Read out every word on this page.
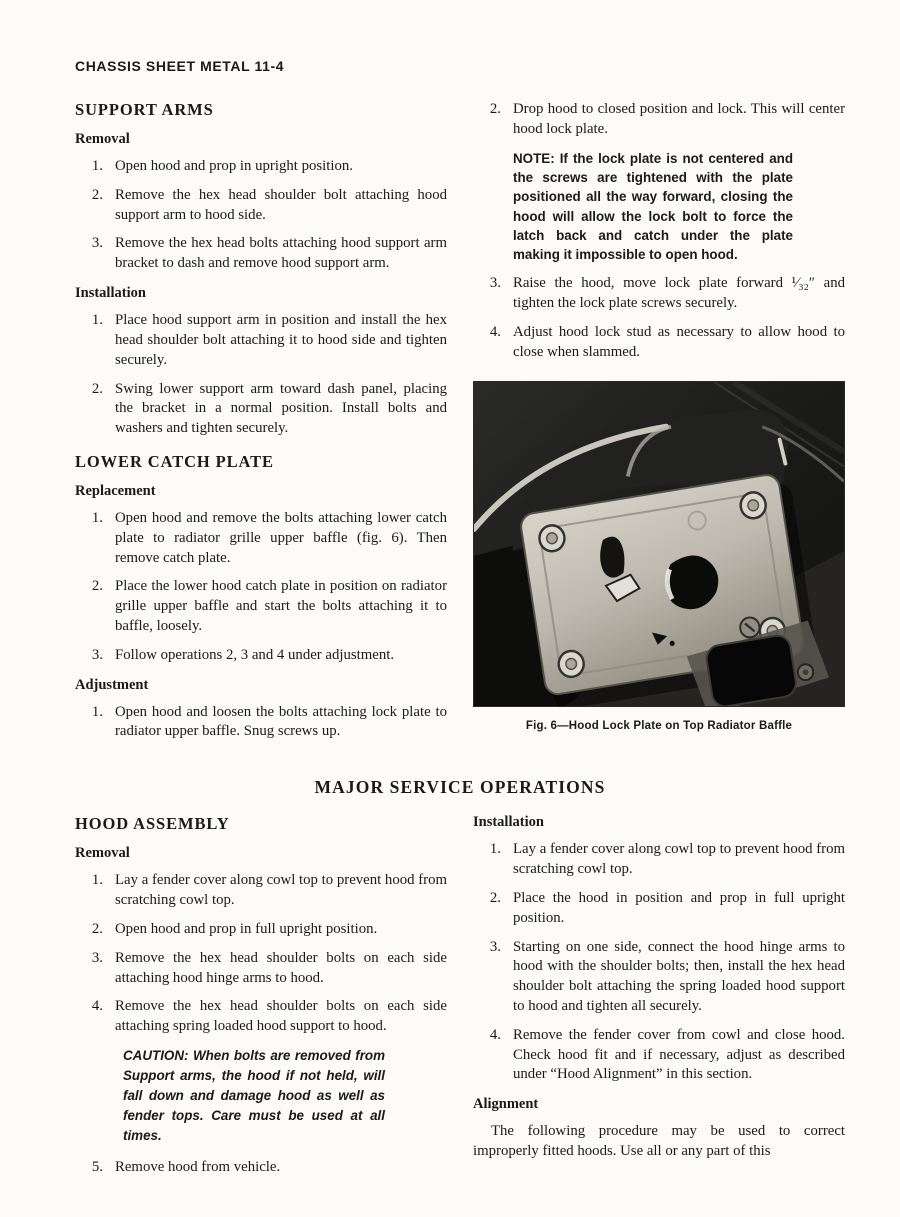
CHASSIS SHEET METAL 11-4
SUPPORT ARMS
Removal
1. Open hood and prop in upright position.
2. Remove the hex head shoulder bolt attaching hood support arm to hood side.
3. Remove the hex head bolts attaching hood support arm bracket to dash and remove hood support arm.
Installation
1. Place hood support arm in position and install the hex head shoulder bolt attaching it to hood side and tighten securely.
2. Swing lower support arm toward dash panel, placing the bracket in a normal position. Install bolts and washers and tighten securely.
LOWER CATCH PLATE
Replacement
1. Open hood and remove the bolts attaching lower catch plate to radiator grille upper baffle (fig. 6). Then remove catch plate.
2. Place the lower hood catch plate in position on radiator grille upper baffle and start the bolts attaching it to baffle, loosely.
3. Follow operations 2, 3 and 4 under adjustment.
Adjustment
1. Open hood and loosen the bolts attaching lock plate to radiator upper baffle. Snug screws up.
2. Drop hood to closed position and lock. This will center hood lock plate.
NOTE: If the lock plate is not centered and the screws are tightened with the plate positioned all the way forward, closing the hood will allow the lock bolt to force the latch back and catch under the plate making it impossible to open hood.
3. Raise the hood, move lock plate forward ¹⁄₃₂″ and tighten the lock plate screws securely.
4. Adjust hood lock stud as necessary to allow hood to close when slammed.
Fig. 6—Hood Lock Plate on Top Radiator Baffle
MAJOR SERVICE OPERATIONS
HOOD ASSEMBLY
Removal
1. Lay a fender cover along cowl top to prevent hood from scratching cowl top.
2. Open hood and prop in full upright position.
3. Remove the hex head shoulder bolts on each side attaching hood hinge arms to hood.
4. Remove the hex head shoulder bolts on each side attaching spring loaded hood support to hood.
CAUTION: When bolts are removed from Support arms, the hood if not held, will fall down and damage hood as well as fender tops. Care must be used at all times.
5. Remove hood from vehicle.
Installation
1. Lay a fender cover along cowl top to prevent hood from scratching cowl top.
2. Place the hood in position and prop in full upright position.
3. Starting on one side, connect the hood hinge arms to hood with the shoulder bolts; then, install the hex head shoulder bolt attaching the spring loaded hood support to hood and tighten all securely.
4. Remove the fender cover from cowl and close hood. Check hood fit and if necessary, adjust as described under “Hood Alignment” in this section.
Alignment
The following procedure may be used to correct improperly fitted hoods. Use all or any part of this
